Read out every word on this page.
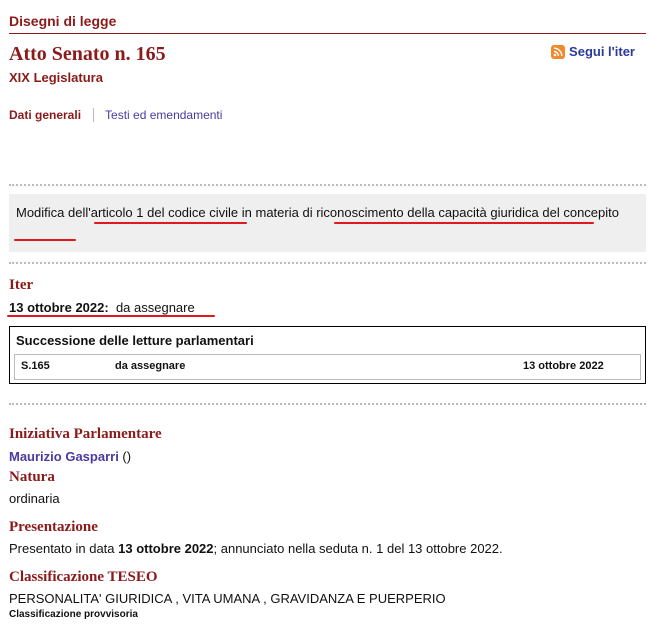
Disegni di legge
Atto Senato n. 165
XIX Legislatura
Segui l'iter
Dati generali Testi ed emendamenti
Modifica dell'articolo 1 del codice civile in materia di riconoscimento della capacità giuridica del concepito
Iter
13 ottobre 2022: da assegnare
Successione delle letture parlamentari
S.165	da assegnare	13 ottobre 2022
Iniziativa Parlamentare
Maurizio Gasparri ()
Natura
ordinaria
Presentazione
Presentato in data 13 ottobre 2022; annunciato nella seduta n. 1 del 13 ottobre 2022.
Classificazione TESEO
PERSONALITA' GIURIDICA , VITA UMANA , GRAVIDANZA E PUERPERIO
Classificazione provvisoria
